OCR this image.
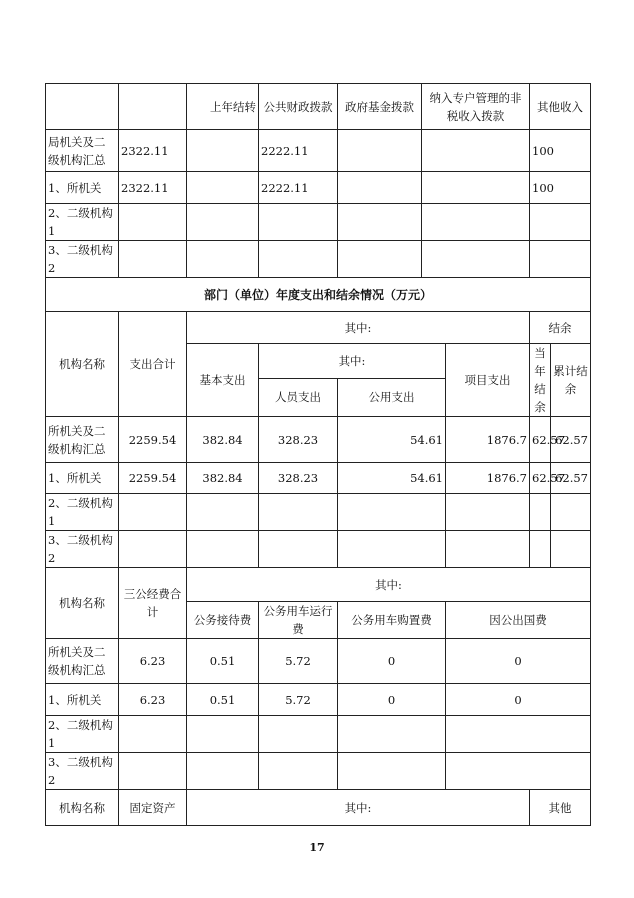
		上年结转	公共财政拨款	政府基金拨款	纳入专户管理的非税收入拨款		其他收入	
局机关及二级机构汇总	2322.11		2222.11				100	
1、所机关	2322.11		2222.11				100	
2、二级机构1								
3、二级机构2								
部门（单位）年度支出和结余情况（万元）								
机构名称	支出合计	其中:					结余	
		基本支出	其中:			项目支出	当年结余	累计结余
			人员支出	公用支出				
所机关及二级机构汇总	2259.54	382.84	328.23	54.61		1876.7	62.57	62.57
1、所机关	2259.54	382.84	328.23	54.61		1876.7	62.57	62.57
2、二级机构1								
3、二级机构2								
机构名称	三公经费合计	其中:						
		公务接待费	公务用车运行费	公务用车购置费		因公出国费		
所机关及二级机构汇总	6.23	0.51	5.72	0		0		
1、所机关	6.23	0.51	5.72	0		0		
2、二级机构1								
3、二级机构2								
机构名称	固定资产	其中:					其他	
17
